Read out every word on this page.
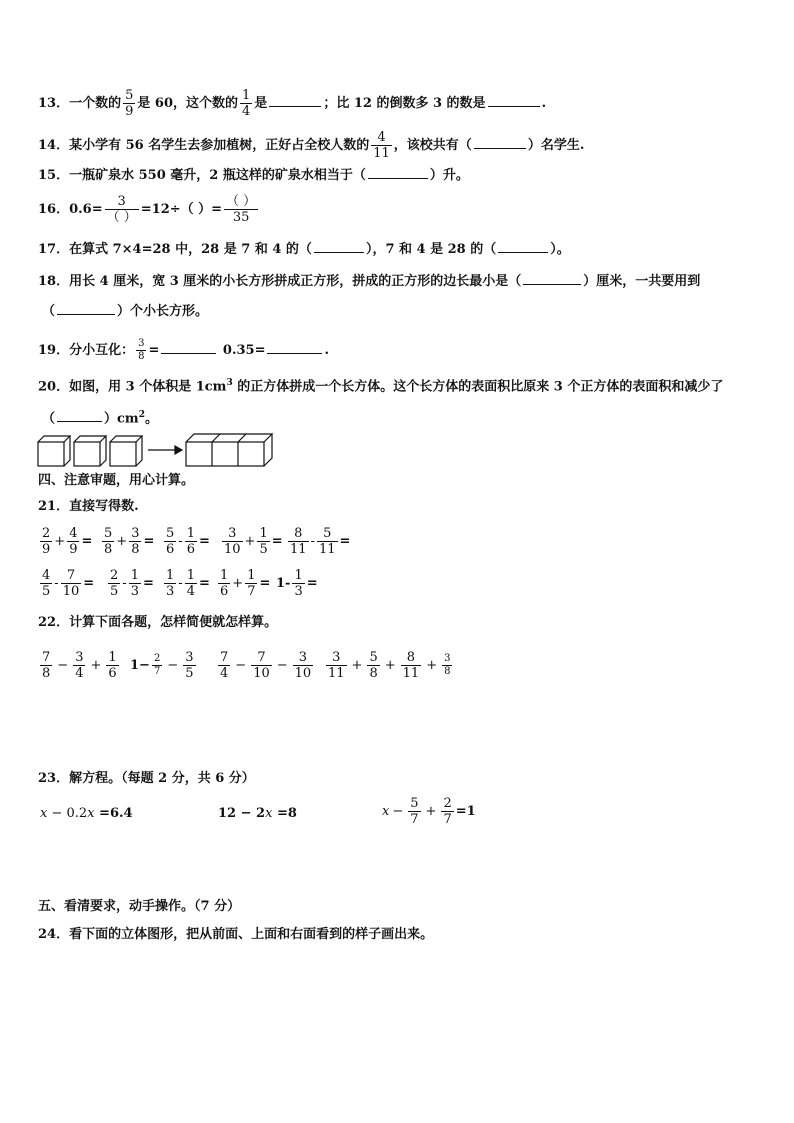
13．一个数的 $\frac{5}{9}$ 是 60，这个数的 $\frac{1}{4}$ 是	；比 12 的倒数多 3 的数是	.
14．某小学有 56 名学生去参加植树，正好占全校人数的 $\frac{4}{11}$ ，该校共有（	）名学生.
15．一瓶矿泉水 550 毫升，2 瓶这样的矿泉水相当于（	）升。
16．$0.6= \frac{3}{( )} =12\div$（ ）= $\frac{( )}{35}$
17．在算式 7×4=28 中，28 是 7 和 4 的（	），7 和 4 是 28 的（	）。
18．用长 4 厘米，宽 3 厘米的小长方形拼成正方形，拼成的正方形的边长最小是（	）厘米，一共要用到
（	）个小长方形。
19．分小互化： $\frac{3}{8}$ =	0.35=	.
20．如图，用 3 个体积是 $1cm^3$ 的正方体拼成一个长方体。这个长方体的表面积比原来 3 个正方体的表面积和减少了
（	）$cm^2$。
四、注意审题，用心计算。
21．直接写得数.
$\frac{2}{9} + \frac{4}{9} = \frac{5}{8} + \frac{3}{8} = \frac{5}{6} - \frac{1}{6} = \frac{3}{10} + \frac{1}{5} = \frac{8}{11} - \frac{5}{11}$ =
$\frac{4}{5} - \frac{7}{10} = \frac{2}{5} - \frac{1}{3} = \frac{1}{3} - \frac{1}{4} = \frac{1}{6} + \frac{1}{7} = 1- \frac{1}{3}$ =
22．计算下面各题，怎样简便就怎样算。
$\frac{7}{8} - \frac{3}{4} + \frac{1}{6} 1- \frac{2}{7} - \frac{3}{5} \frac{7}{4} - \frac{7}{10} - \frac{3}{10} \frac{3}{11} + \frac{5}{8} + \frac{8}{11} + \frac{3}{8}$
23．解方程。（每题 2 分，共 6 分）
x − 0.2x =6.4	12 − 2x =8	$x - \frac{5}{7} + \frac{2}{7} =1$
五、看清要求，动手操作。（7 分）
24．看下面的立体图形，把从前面、上面和右面看到的样子画出来。
